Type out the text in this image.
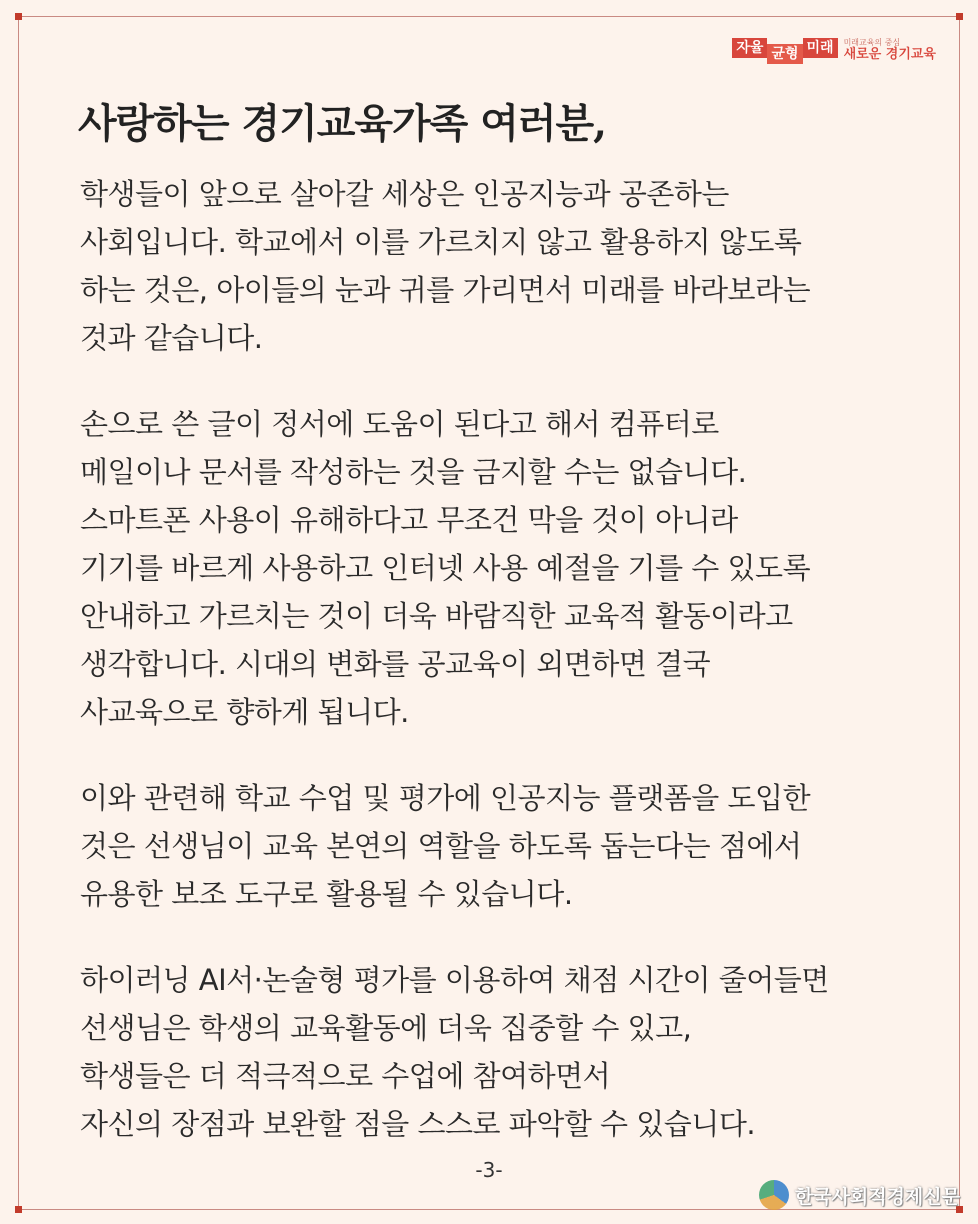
자율 균형 미래	미래교육의 중심
새로운 경기교육
사랑하는 경기교육가족 여러분,
학생들이 앞으로 살아갈 세상은 인공지능과 공존하는
사회입니다. 학교에서 이를 가르치지 않고 활용하지 않도록
하는 것은, 아이들의 눈과 귀를 가리면서 미래를 바라보라는
것과 같습니다.
손으로 쓴 글이 정서에 도움이 된다고 해서 컴퓨터로
메일이나 문서를 작성하는 것을 금지할 수는 없습니다.
스마트폰 사용이 유해하다고 무조건 막을 것이 아니라
기기를 바르게 사용하고 인터넷 사용 예절을 기를 수 있도록
안내하고 가르치는 것이 더욱 바람직한 교육적 활동이라고
생각합니다. 시대의 변화를 공교육이 외면하면 결국
사교육으로 향하게 됩니다.
이와 관련해 학교 수업 및 평가에 인공지능 플랫폼을 도입한
것은 선생님이 교육 본연의 역할을 하도록 돕는다는 점에서
유용한 보조 도구로 활용될 수 있습니다.
하이러닝 AI서·논술형 평가를 이용하여 채점 시간이 줄어들면
선생님은 학생의 교육활동에 더욱 집중할 수 있고,
학생들은 더 적극적으로 수업에 참여하면서
자신의 장점과 보완할 점을 스스로 파악할 수 있습니다.
-3-
한국사회적경제신문
